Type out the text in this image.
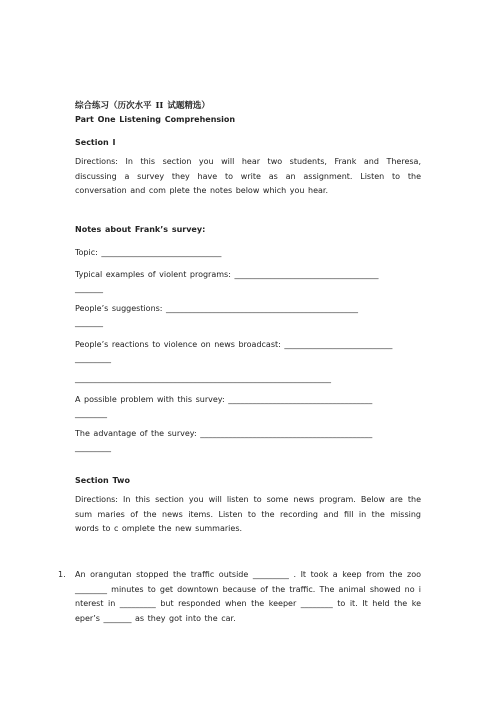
综合练习（历次水平 II 试题精选）
Part One Listening Comprehension
Section I
Directions: In this section you will hear two students, Frank and Theresa, discussing a survey they have to write as an assignment. Listen to the conversation and com plete the notes below which you hear.
Notes about Frank’s survey:
Topic: ______________________________
Typical examples of violent programs: ____________________________________
_______
People’s suggestions: ________________________________________________
_______
People’s reactions to violence on news broadcast: ___________________________
_________
________________________________________________________________
A possible problem with this survey: ____________________________________
________
The advantage of the survey: ___________________________________________
_________
Section Two
Directions: In this section you will listen to some news program. Below are the sum maries of the news items. Listen to the recording and fill in the missing words to c omplete the new summaries.
1. An orangutan stopped the traffic outside _________ . It took a keep from the zoo ________ minutes to get downtown because of the traffic. The animal showed no i nterest in _________ but responded when the keeper ________ to it. It held the ke eper’s _______ as they got into the car.
